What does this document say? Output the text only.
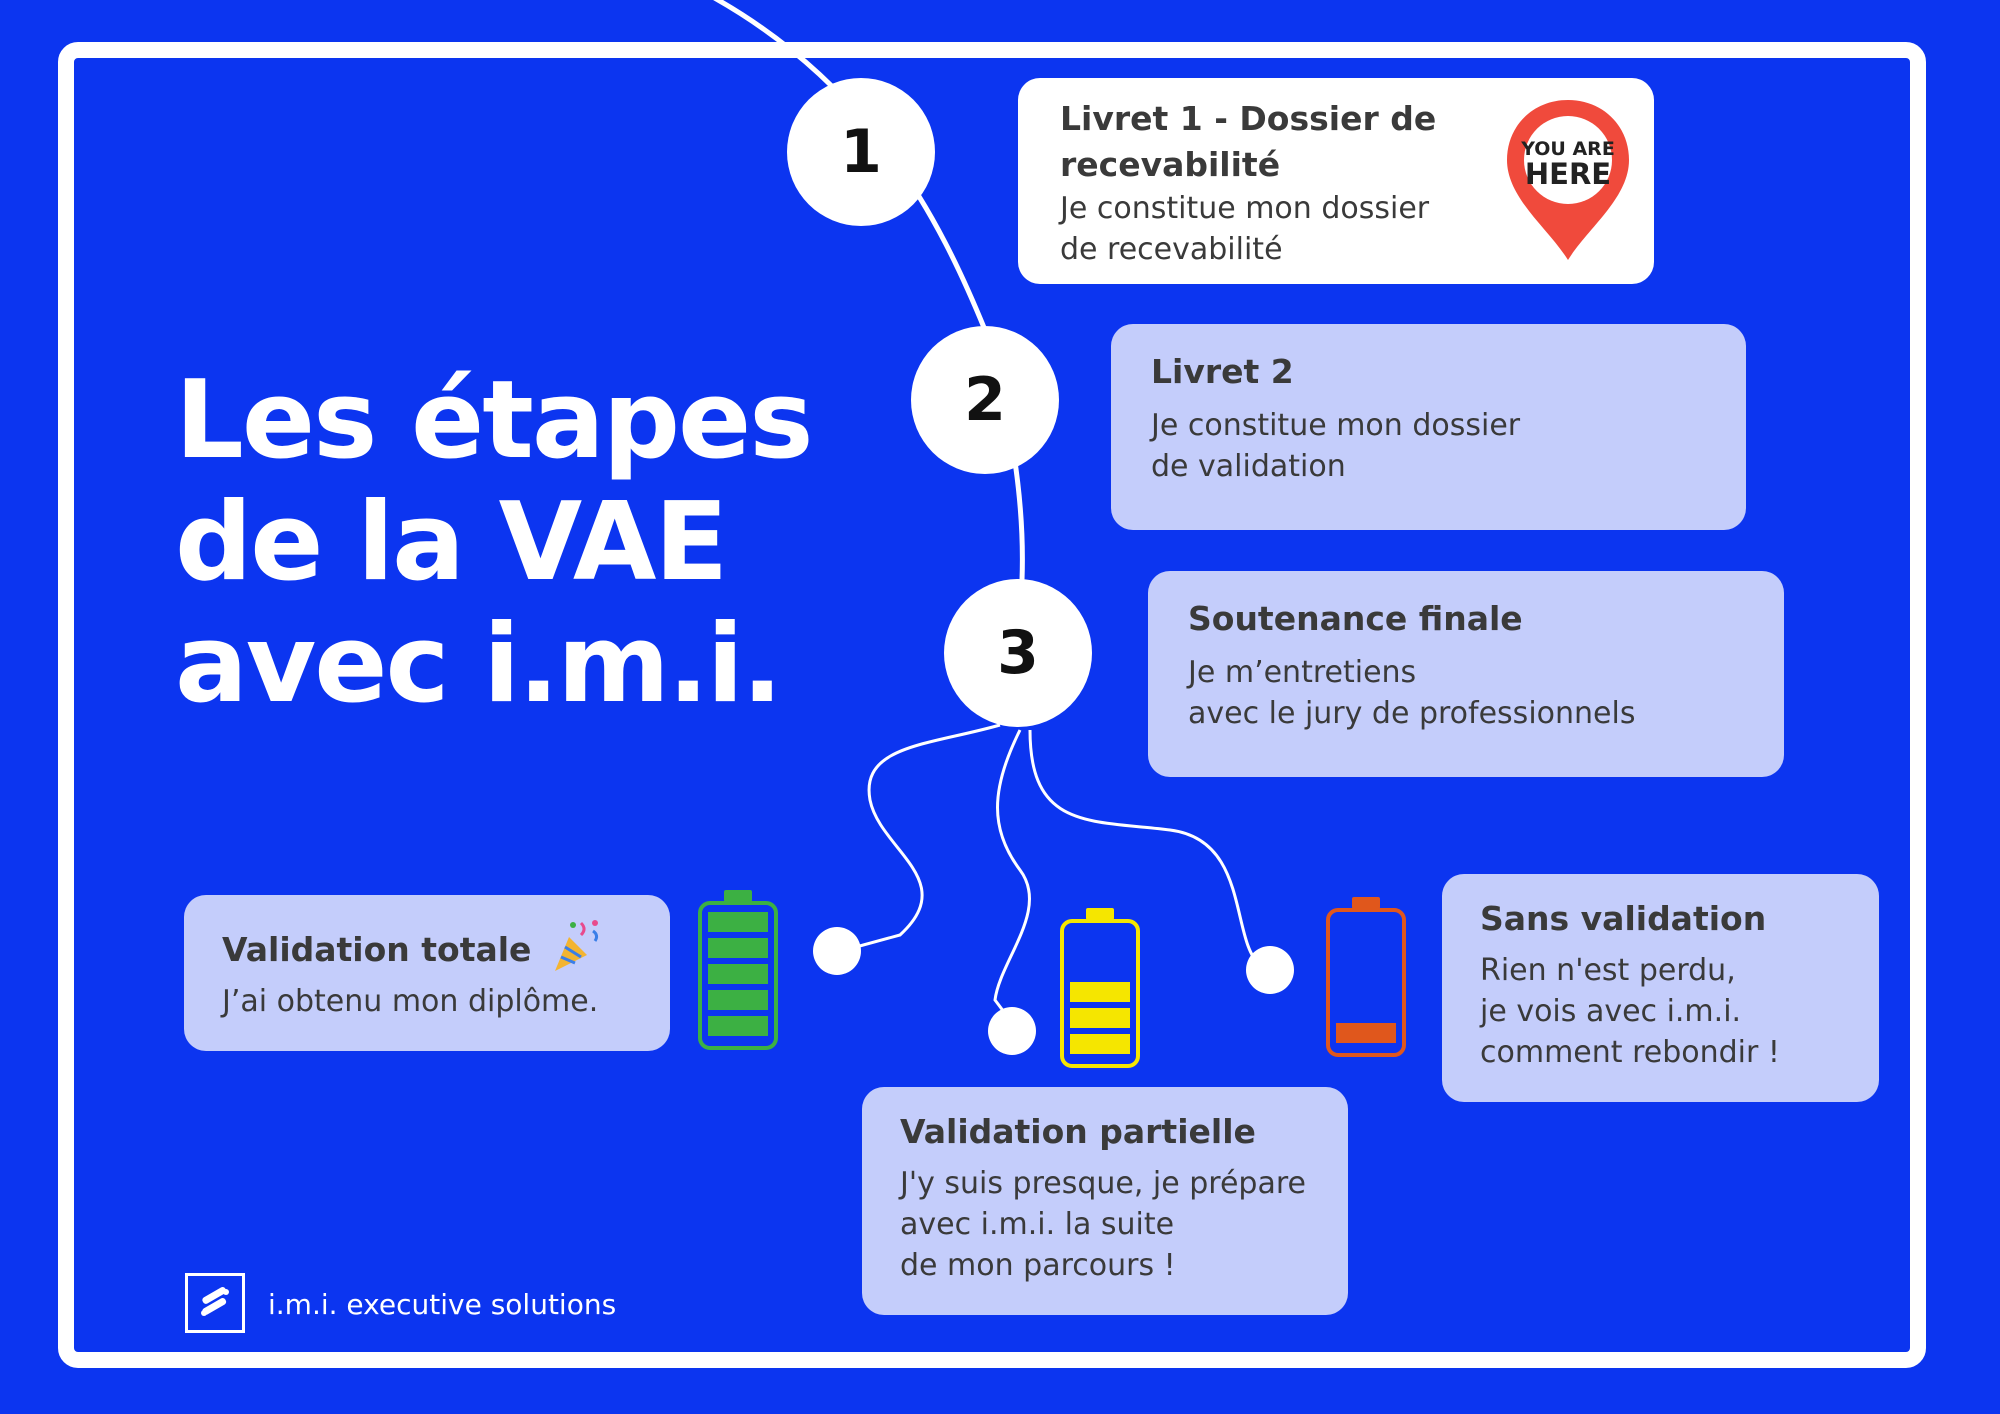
Les étapes
de la VAE
avec i.m.i.
1
2
3
Livret 1 - Dossier de
recevabilité
Je constitue mon dossier
de recevabilité
YOU ARE
HERE
Livret 2
Je constitue mon dossier
de validation
Soutenance finale
Je m’entretiens
avec le jury de professionnels
Validation totale
J’ai obtenu mon diplôme.
Validation partielle
J'y suis presque, je prépare
avec i.m.i. la suite
de mon parcours !
Sans validation
Rien n'est perdu,
je vois avec i.m.i.
comment rebondir !
i.m.i. executive solutions
